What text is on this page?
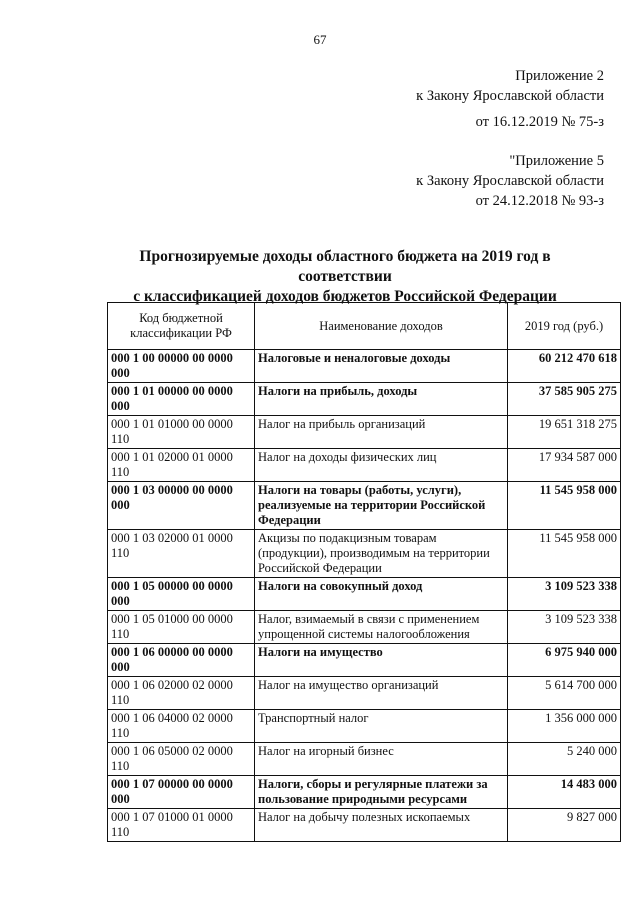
67
Приложение 2
к Закону Ярославской области
от 16.12.2019 № 75-з
"Приложение 5
к Закону Ярославской области
от 24.12.2018 № 93-з
Прогнозируемые доходы областного бюджета на 2019 год в соответствии
с классификацией доходов бюджетов Российской Федерации
Код бюджетной классификации РФ	Наименование доходов	2019 год (руб.)
000 1 00 00000 00 0000 000	Налоговые и неналоговые доходы	60 212 470 618
000 1 01 00000 00 0000 000	Налоги на прибыль, доходы	37 585 905 275
000 1 01 01000 00 0000 110	Налог на прибыль организаций	19 651 318 275
000 1 01 02000 01 0000 110	Налог на доходы физических лиц	17 934 587 000
000 1 03 00000 00 0000 000	Налоги на товары (работы, услуги), реализуемые на территории Российской Федерации	11 545 958 000
000 1 03 02000 01 0000 110	Акцизы по подакцизным товарам (продукции), производимым на территории Российской Федерации	11 545 958 000
000 1 05 00000 00 0000 000	Налоги на совокупный доход	3 109 523 338
000 1 05 01000 00 0000 110	Налог, взимаемый в связи с применением упрощенной системы налогообложения	3 109 523 338
000 1 06 00000 00 0000 000	Налоги на имущество	6 975 940 000
000 1 06 02000 02 0000 110	Налог на имущество организаций	5 614 700 000
000 1 06 04000 02 0000 110	Транспортный налог	1 356 000 000
000 1 06 05000 02 0000 110	Налог на игорный бизнес	5 240 000
000 1 07 00000 00 0000 000	Налоги, сборы и регулярные платежи за пользование природными ресурсами	14 483 000
000 1 07 01000 01 0000 110	Налог на добычу полезных ископаемых	9 827 000
